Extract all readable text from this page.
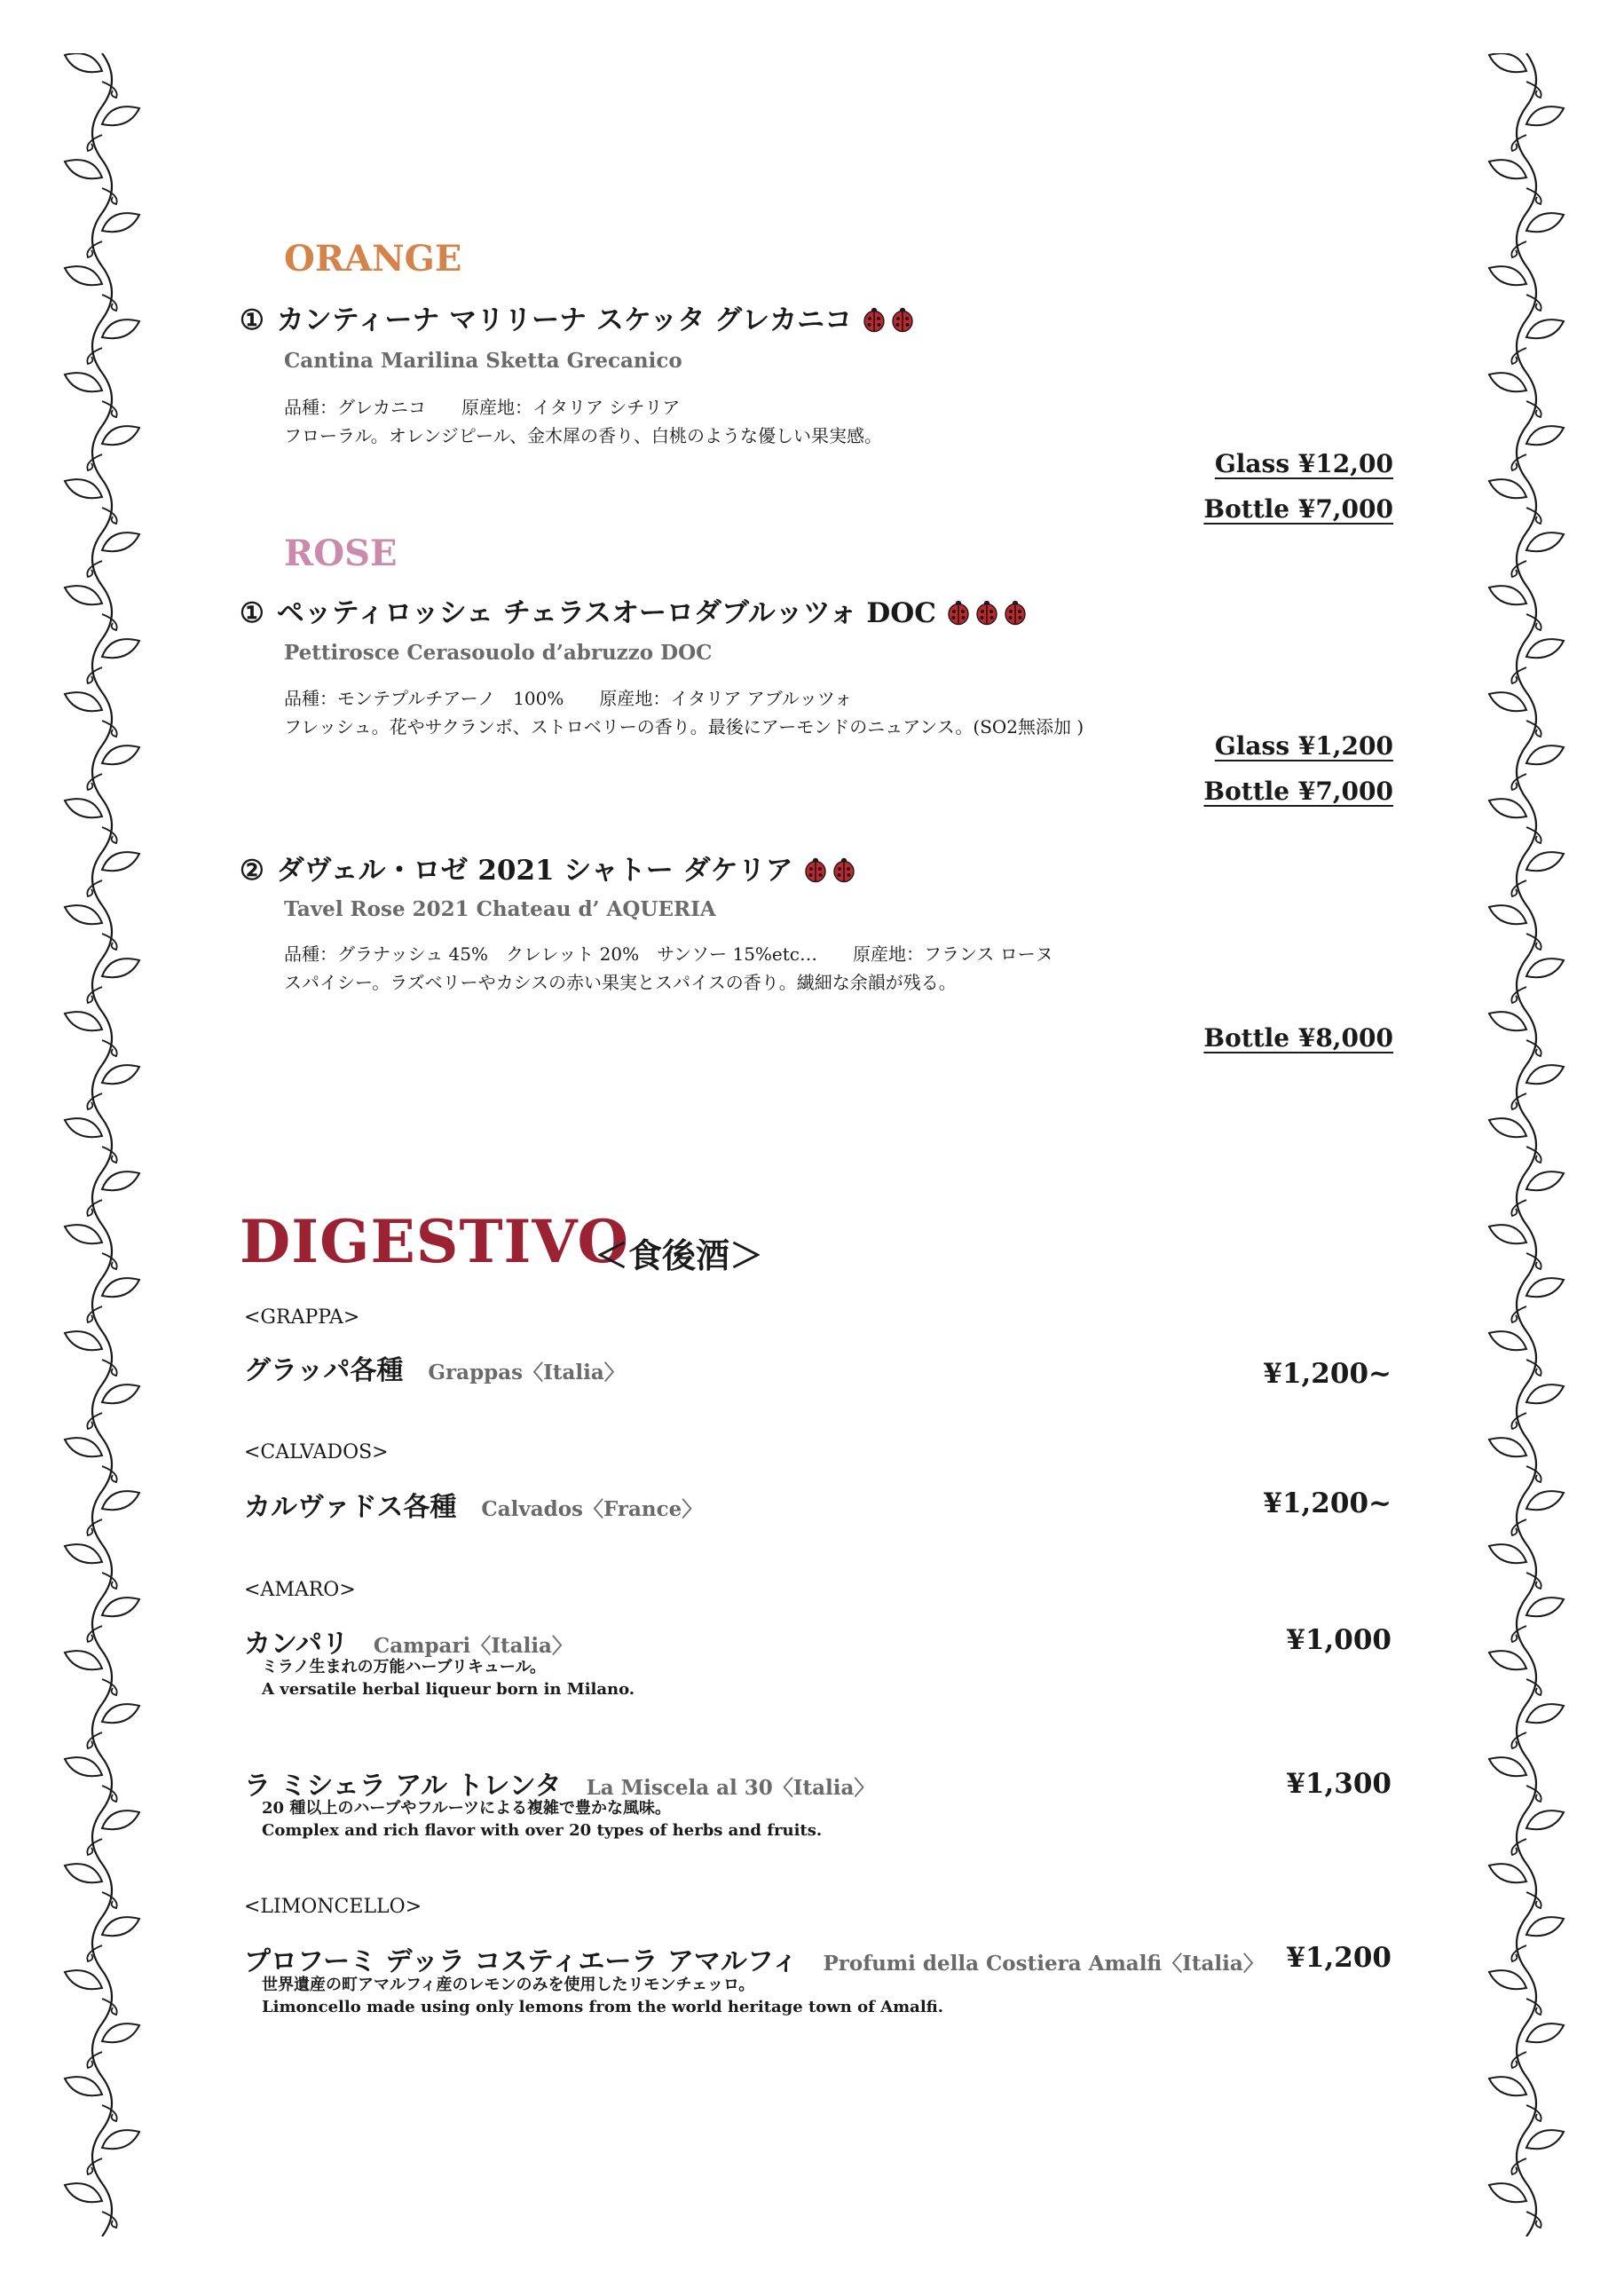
ORANGE
① カンティーナ マリリーナ スケッタ グレカニコ
Cantina Marilina Sketta Grecanico
品種：グレカニコ　　原産地：イタリア シチリア
フローラル。オレンジピール、金木犀の香り、白桃のような優しい果実感。
Glass ¥12,00
Bottle ¥7,000
ROSE
① ペッティロッシェ チェラスオーロダブルッツォ DOC
Pettirosce Cerasouolo d’abruzzo DOC
品種：モンテプルチアーノ　100%　　原産地：イタリア アブルッツォ
フレッシュ。花やサクランボ、ストロベリーの香り。最後にアーモンドのニュアンス。(SO2無添加 )
Glass ¥1,200
Bottle ¥7,000
② ダヴェル・ロゼ 2021 シャトー ダケリア
Tavel Rose 2021 Chateau d’ AQUERIA
品種：グラナッシュ 45%　クレレット 20%　サンソー 15%etc…　　原産地：フランス ローヌ
スパイシー。ラズベリーやカシスの赤い果実とスパイスの香り。繊細な余韻が残る。
Bottle ¥8,000
DIGESTIVO
＜食後酒＞
<GRAPPA>
グラッパ各種 Grappas〈Italia〉	¥1,200~
<CALVADOS>
カルヴァドス各種 Calvados〈France〉	¥1,200~
<AMARO>
カンパリ Campari〈Italia〉	¥1,000
ミラノ生まれの万能ハーブリキュール。
A versatile herbal liqueur born in Milano.
ラ ミシェラ アル トレンタ La Miscela al 30〈Italia〉	¥1,300
20 種以上のハーブやフルーツによる複雑で豊かな風味。
Complex and rich flavor with over 20 types of herbs and fruits.
<LIMONCELLO>
プロフーミ デッラ コスティエーラ アマルフィ Profumi della Costiera Amalfi〈Italia〉 ¥1,200
世界遺産の町アマルフィ産のレモンのみを使用したリモンチェッロ。
Limoncello made using only lemons from the world heritage town of Amalfi.
